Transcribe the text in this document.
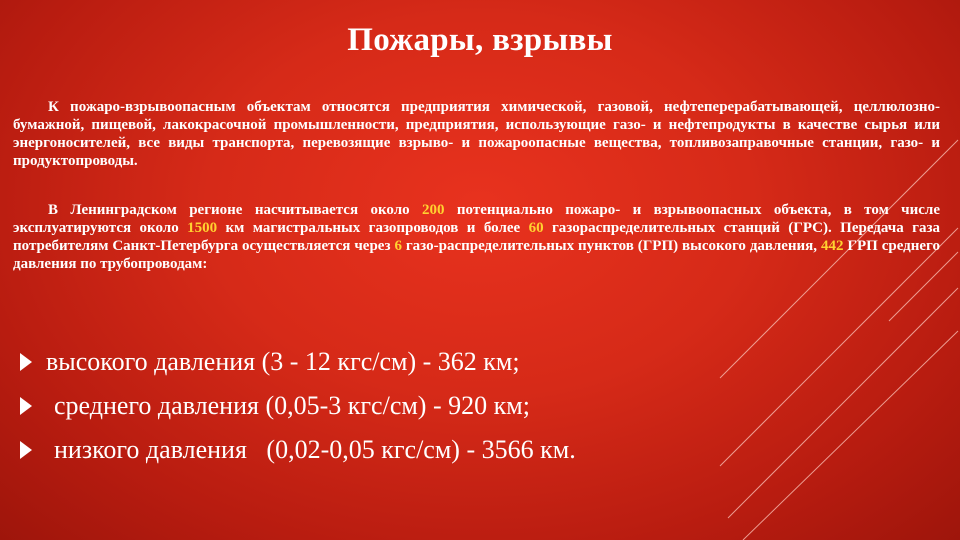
Пожары, взрывы
К пожаро-взрывоопасным объектам относятся предприятия химической, газовой, нефтеперерабатывающей, целлюлозно-бумажной, пищевой, лакокрасочной промышленности, предприятия, использующие газо- и нефтепродукты в качестве сырья или энергоносителей, все виды транспорта, перевозящие взрыво- и пожароопасные вещества, топливозаправочные станции, газо- и продуктопроводы.
В Ленинградском регионе насчитывается около 200 потенциально пожаро- и взрывоопасных объекта, в том числе эксплуатируются около 1500 км магистральных газопроводов и более 60 газораспределительных станций (ГРС). Передача газа потребителям Санкт-Петербурга осуществляется через 6 газо-распределительных пунктов (ГРП) высокого давления, 442 ГРП среднего давления по трубопроводам:
высокого давления (3 - 12 кгс/см) - 362 км;
среднего давления (0,05-3 кгс/см) - 920 км;
низкого давления   (0,02-0,05 кгс/см) - 3566 км.
